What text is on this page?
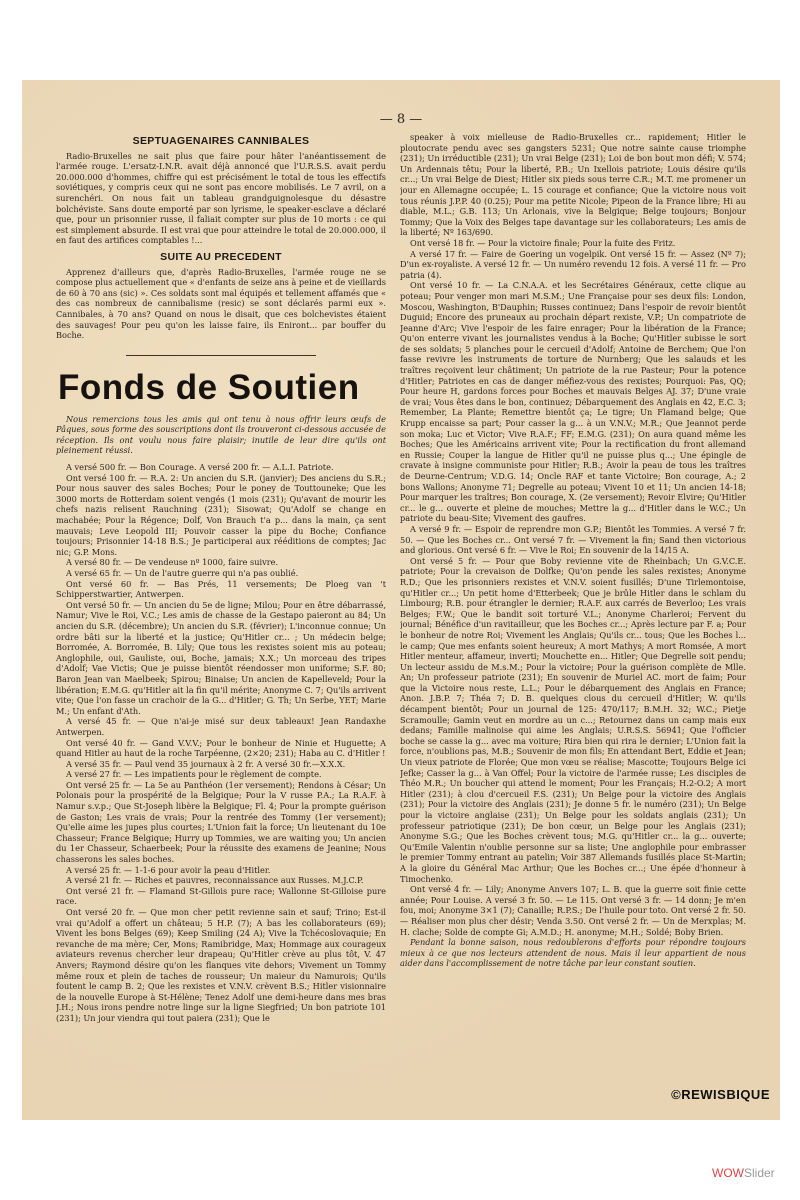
— 8 —
SEPTUAGENAIRES CANNIBALES

Radio-Bruxelles ne sait plus que faire pour hâter l'anéantissement de l'armée rouge. L'ersatz-I.N.R. avait déjà annoncé que l'U.R.S.S. avait perdu 20.000.000 d'hommes, chiffre qui est précisément le total de tous les effectifs soviétiques, y compris ceux qui ne sont pas encore mobilisés. Le 7 avril, on a surenchéri. On nous fait un tableau grandguignolesque du désastre bolchéviste. Sans doute emporté par son lyrisme, le speaker-esclave a déclaré que, pour un prisonnier russe, il faliait compter sur plus de 10 morts : ce qui est simplement absurde. Il est vrai que pour atteindre le total de 20.000.000, il en faut des artifices comptables !...

SUITE AU PRECEDENT

Apprenez d'ailleurs que, d'après Radio-Bruxelles, l'armée rouge ne se compose plus actuellement que « d'enfants de seize ans à peine et de vieillards de 60 à 70 ans (sic) ». Ces soldats sont mal équipés et tellement affamés que « des cas nombreux de cannibalisme (resic) se sont déclarés parmi eux ». Cannibales, à 70 ans? Quand on nous le disait, que ces bolchevistes étaient des sauvages! Pour peu qu'on les laisse faire, ils Eniront... par bouffer du Boche.

Fonds de Soutien

Nous remercions tous les amis qui ont tenu à nous offrir leurs œufs de Pâques, sous forme des souscriptions dont ils trouveront ci-dessous accusée de réception. Ils ont voulu nous faire plaisir; inutile de leur dire qu'ils ont pleinement réussi.

A versé 500 fr. — Bon Courage. A versé 200 fr. — A.L.I. Patriote.
Ont versé 100 fr. — R.A. 2: Un ancien du S.R. (janvier); Des anciens du S.R.; Pour nous sauver des sales Boches; Pour le poney de Touttouneke; Que les 3000 morts de Rotterdam soient vengés (1 mois (231); Qu'avant de mourir les chefs nazis relisent Rauchning (231); Sisowat; Qu'Adolf se change en machabée; Pour la Régence; Dolf, Von Brauch t'a p... dans la main, ça sent mauvais; Leve Leopold III; Pouvoir casser la pipe du Boche; Confiance toujours; Prisonnier 14-18 B.S.; Je participerai aux rééditions de comptes; Jac nic; G.P. Mons.
A versé 80 fr. — De vendeuse nº 1000, faire suivre.
A versé 65 fr. — Un de l'autre guerre qui n'a pas oublié.
Ont versé 60 fr. — Bas Prés, 11 versements; De Ploeg van 't Schipperstwartier, Antwerpen.
Ont versé 50 fr. — Un ancien du 5e de ligne; Milou; Pour en être débarrassé, Namur; Vive le Roi, V.C.; Les amis de chasse de la Gestapo paieront au 84; Un ancien du S.R. (décembre); Un ancien du S.R. (février); L'inconnue connue; Un ordre bâti sur la liberté et la justice; Qu'Hitler cr... ; Un médecin belge; Borromée, A. Borromée, B. Lily; Que tous les rexistes soient mis au poteau; Anglophile, oui, Gauliste, oui, Boche, jamais; X.X.; Un morceau des tripes d'Adolf; Vae Victis; Que je puisse bientôt réendosser mon uniforme; S.F. 80; Baron Jean van Maelbeek; Spirou; Binaise; Un ancien de Kapelleveld; Pour la libération; E.M.G. qu'Hitler ait la fin qu'il mérite; Anonyme C. 7; Qu'ils arrivent vite; Que l'on fasse un crachoir de la G... d'Hitler; G. Th; Un Serbe, YET; Marie M.; Un enfant d'Ath.
A versé 45 fr. — Que n'ai-je misé sur deux tableaux! Jean Randaxhe Antwerpen.
Ont versé 40 fr. — Gand V.V.V.; Pour le bonheur de Ninie et Huguette; A quand Hitler au haut de la roche Tarpéenne, (2×20; 231); Haba au C. d'Hitler !
A versé 35 fr. — Paul vend 35 journaux à 2 fr. A versé 30 fr.—X.X.X.
A versé 27 fr. — Les impatients pour le règlement de compte.
Ont versé 25 fr. — La 5e au Panthéon (1er versement); Rendons à César; Un Polonais pour la prospérité de la Belgique; Pour la V russe P.A.; La R.A.F. à Namur s.v.p.; Que St-Joseph libère la Belgique; Fl. 4; Pour la prompte guérison de Gaston; Les vrais de vrais; Pour la rentrée des Tommy (1er versement); Qu'elle aime les jupes plus courtes; L'Union fait la force; Un lieutenant du 10e Chasseur; France Belgique; Hurry up Tommies, we are waiting you; Un ancien du 1er Chasseur, Schaerbeek; Pour la réussite des examens de Jeanine; Nous chasserons les sales boches.
A versé 25 fr. — 1-1-6 pour avoir la peau d'Hitler.
A versé 21 fr. — Riches et pauvres, reconnaissance aux Russes. M.J.C.P.
Ont versé 21 fr. — Flamand St-Gillois pure race; Wallonne St-Gilloise pure race.
Ont versé 20 fr. — Que mon cher petit revienne sain et sauf; Trino; Est-il vrai qu'Adolf a offert un château; 5 H.P. (7); A bas les collaborateurs (69); Vivent les bons Belges (69); Keep Smiling (24 A); Vive la Tchécoslovaquie; En revanche de ma mère; Cer, Mons; Ramibridge, Max; Hommage aux courageux aviateurs revenus chercher leur drapeau; Qu'Hitler crève au plus tôt, V. 47 Anvers; Raymond désire qu'on les flanques vite dehors; Vivement un Tommy même roux et plein de taches de rousseur; Un maieur du Namurois; Qu'ils foutent le camp B. 2; Que les rexistes et V.N.V. crèvent B.S.; Hitler visionnaire de la nouvelle Europe à St-Hélène; Tenez Adolf une demi-heure dans mes bras J.H.; Nous irons pendre notre linge sur la ligne Siegfried; Un bon patriote 101 (231); Un jour viendra qui tout paiera (231); Que le
speaker à voix mielleuse de Radio-Bruxelles cr... rapidement; Hitler le ploutocrate pendu avec ses gangsters 5231; Que notre sainte cause triomphe (231); Un irréductible (231); Un vrai Belge (231); Loi de bon bout mon défi; V. 574; Un Ardennais têtu; Pour la liberté, P.B.; Un Ixellois patriote; Louis désire qu'ils cr...; Un vrai Belge de Diest; Hitler six pieds sous terre C.R.; M.T. me promener un jour en Allemagne occupée; L. 15 courage et confiance; Que la victoire nous voit tous réunis J.P.P. 40 (0.25); Pour ma petite Nicole; Pipeon de la France libre; Hi au diable, M.L.; G.B. 113; Un Arlonais, vive la Belgique; Belge toujours; Bonjour Tommy; Que la Voix des Belges tape davantage sur les collaborateurs; Les amis de la liberté; Nº 163/690.
Ont versé 18 fr. — Pour la victoire finale; Pour la fuite des Fritz.
A versé 17 fr. — Faire de Goering un vogelpik. Ont versé 15 fr. — Assez (Nº 7); D'un ex-royaliste. A versé 12 fr. — Un numéro revendu 12 fois. A versé 11 fr. — Pro patria (4).
Ont versé 10 fr. — La C.N.A.A. et les Secrétaires Généraux, cette clique au poteau; Pour venger mon mari M.S.M.; Une Française pour ses deux fils: London, Moscou, Washington, B'Dauphin; Russes continuez; Dans l'espoir de revoir bientôt Duguid; Encore des pruneaux au prochain départ rexiste, V.P.; Un compatriote de Jeanne d'Arc; Vive l'espoir de les faire enrager; Pour la libération de la France; Qu'on enterre vivant les journalistes vendus à la Boche; Qu'Hitler subisse le sort de ses soldats; 5 planches pour le cercueil d'Adolf; Antoine de Berchem; Que l'on fasse revivre les instruments de torture de Nurnberg; Que les salauds et les traîtres reçoivent leur châtiment; Un patriote de la rue Pasteur; Pour la potence d'Hitler; Patriotes en cas de danger méfiez-vous des rexistes; Pourquoi: Pas, QQ; Pour heure H, gardons forces pour Boches et mauvais Belges AJ. 37; D'une vraie de vrai; Vous êtes dans le bon, continuez; Débarquement des Anglais en 42, E.C. 3; Remember, La Plante; Remettre bientôt ça; Le tigre; Un Flamand belge; Que Krupp encaisse sa part; Pour casser la g... à un V.N.V.; M.R.; Que Jeannot perde son moka; Luc et Victor; Vive R.A.F.; FF; E.M.G. (231); On aura quand même les Boches; Que les Américains arrivent vite; Pour la rectification du front allemand en Russie; Couper la langue de Hitler qu'il ne puisse plus q...; Une épingle de cravate à insigne communiste pour Hitler; R.B.; Avoir la peau de tous les traîtres de Deurne-Centrum; V.D.G. 14; Oncle RAF et tante Victoire; Bon courage, A.; 2 bons Wallons; Anonyme 71; Degrelle au poteau; Vivent 10 et 11; Un ancien 14-18; Pour marquer les traîtres; Bon courage, X. (2e versement); Revoir Elvire; Qu'Hitler cr... le g... ouverte et pleine de mouches; Mettre la g... d'Hitler dans le W.C.; Un patriote du beau-Site; Vivement des gaufres.
A versé 9 fr. — Espoir de reprendre mon G.P.; Bientôt les Tommies. A versé 7 fr. 50. — Que les Boches cr... Ont versé 7 fr. — Vivement la fin; Sand then victorious and glorious. Ont versé 6 fr. — Vive le Roi; En souvenir de la 14/15 A.
Ont versé 5 fr. — Pour que Boby revienne vite de Rheinbach; Un G.V.C.E. patriote; Pour la crevaison de Dolfke; Qu'on pende les sales rexistes; Anonyme R.D.; Que les prisonniers rexistes et V.N.V. soient fusillés; D'une Tirlemontoise, qu'Hitler cr...; Un petit home d'Etterbeek; Que je brûle Hitler dans le schlam du Limbourg; R.B. pour étrangler le dernier; R.A.F. aux carrés de Beverloo; Les vrais Belges; F.W.; Que le bandit soit torturé V.L.; Anonyme Charleroi; Fervent du journal; Bénéfice d'un ravitailleur, que les Boches cr...; Après lecture par F. a; Pour le bonheur de notre Roi; Vivement les Anglais; Qu'ils cr... tous; Que les Boches l... le camp; Que mes enfants soient heureux; A mort Mathys; A mort Romsée, A mort Hitler menteur, affameur, inverti; Mouchette en... Hitler; Que Degrelle soit pendu; Un lecteur assidu de M.s.M.; Pour la victoire; Pour la guérison complète de Mlle. An; Un professeur patriote (231); En souvenir de Muriel AC. mort de faim; Pour que la Victoire nous reste, L.L.; Pour le débarquement des Anglais en France; Anon. J.B.P. 7; Théa 7; D. B. quelques clous du cercueil d'Hitler; W. qu'ils décampent bientôt; Pour un journal de 125: 470/117; B.M.H. 32; W.C.; Pietje Scramoulle; Gamin veut en mordre au un c...; Retournez dans un camp mais eux dedans; Famille malinoise qui aime les Anglais; U.R.S.S. 56941; Que l'officier boche se casse la g... avec ma voiture; Rira bien qui rira le dernier; L'Union fait la force, n'oublions pas, M.B.; Souvenir de mon fils; En attendant Bert, Eddie et Jean; Un vieux patriote de Florée; Que mon vœu se réalise; Mascotte; Toujours Belge ici Jefke; Casser la g... à Van Offel; Pour la victoire de l'armée russe; Les disciples de Théo M.R.; Un boucher qui attend le moment; Pour les Français; H.2-O.2; A mort Hitler (231); à clou d'cercueil F.S. (231); Un Belge pour la victoire des Anglais (231); Pour la victoire des Anglais (231); Je donne 5 fr. le numéro (231); Un Belge pour la victoire anglaise (231); Un Belge pour les soldats anglais (231); Un professeur patriotique (231); De bon cœur, un Belge pour les Anglais (231); Anonyme S.G.; Que les Boches crèvent tous; M.G. qu'Hitler cr... la g... ouverte; Qu'Emile Valentin n'oublie personne sur sa liste; Une anglophile pour embrasser le premier Tommy entrant au patelin; Voir 387 Allemands fusillés place St-Martin; A la gloire du Général Mac Arthur; Que les Boches cr...; Une épée d'honneur à Timochenko.
Ont versé 4 fr. — Lily; Anonyme Anvers 107; L. B. que la guerre soit finie cette année; Pour Louise. A versé 3 fr. 50. — Le 115. Ont versé 3 fr. — 14 donn; Je m'en fou, moi; Anonyme 3×1 (7); Canaille; R.P.S.; De l'huile pour toto. Ont versé 2 fr. 50. — Réaliser mon plus cher désir; Venda 3.50. Ont versé 2 fr. — Un de Merxplas; M. H. clache; Solde de compte Gi; A.M.D.; H. anonyme; M.H.; Soldé; Boby Brien.

Pendant la bonne saison, nous redoublerons d'efforts pour répondre toujours mieux à ce que nos lecteurs attendent de nous. Mais il leur appartient de nous aider dans l'accomplissement de notre tâche par leur constant soutien.

©REWISBIQUE
WOWSlider
